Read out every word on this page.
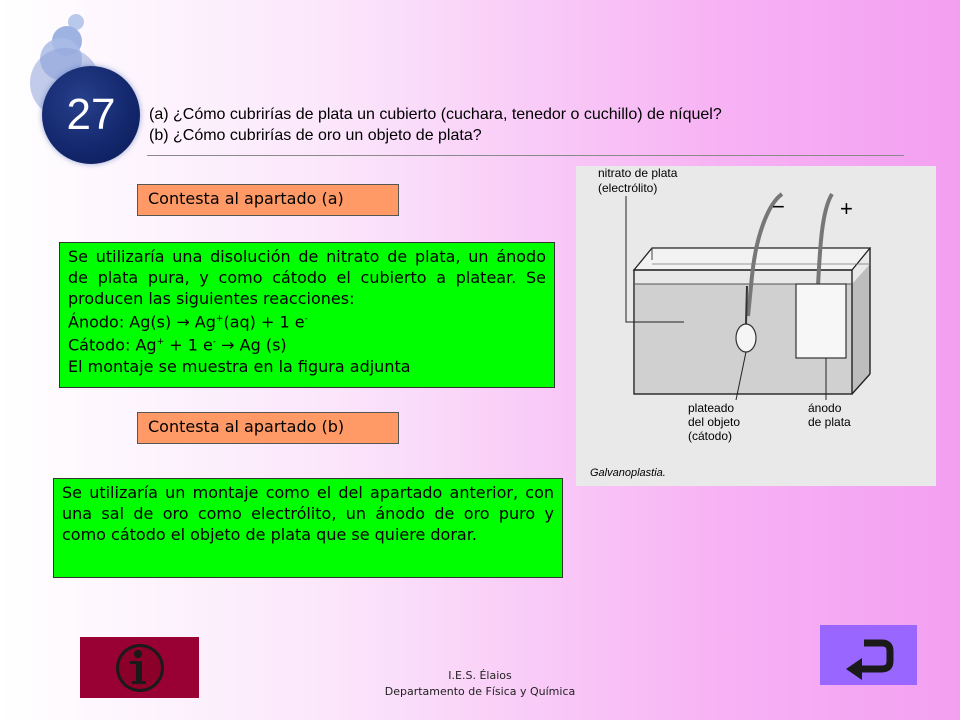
27	(a) ¿Cómo cubrirías de plata un cubierto (cuchara, tenedor o cuchillo) de níquel?
(b) ¿Cómo cubrirías de oro un objeto de plata?
Contesta al apartado (a)

Se utilizaría una disolución de nitrato de plata, un ánodo de plata pura, y como cátodo el cubierto a platear. Se producen las siguientes reacciones:

Ánodo: Ag(s) → Ag+(aq) + 1 e-

Cátodo: Ag+ + 1 e- → Ag (s)

El montaje se muestra en la figura adjunta

Contesta al apartado (b)

Se utilizaría un montaje como el del apartado anterior, con una sal de oro como electrólito, un ánodo de oro puro y como cátodo el objeto de plata que se quiere dorar.

nitrato de plata
(electrólito)
−	+
plateado
del objeto
(cátodo)
ánodo
de plata
Galvanoplastia.
I.E.S. Élaios
Departamento de Física y Química
